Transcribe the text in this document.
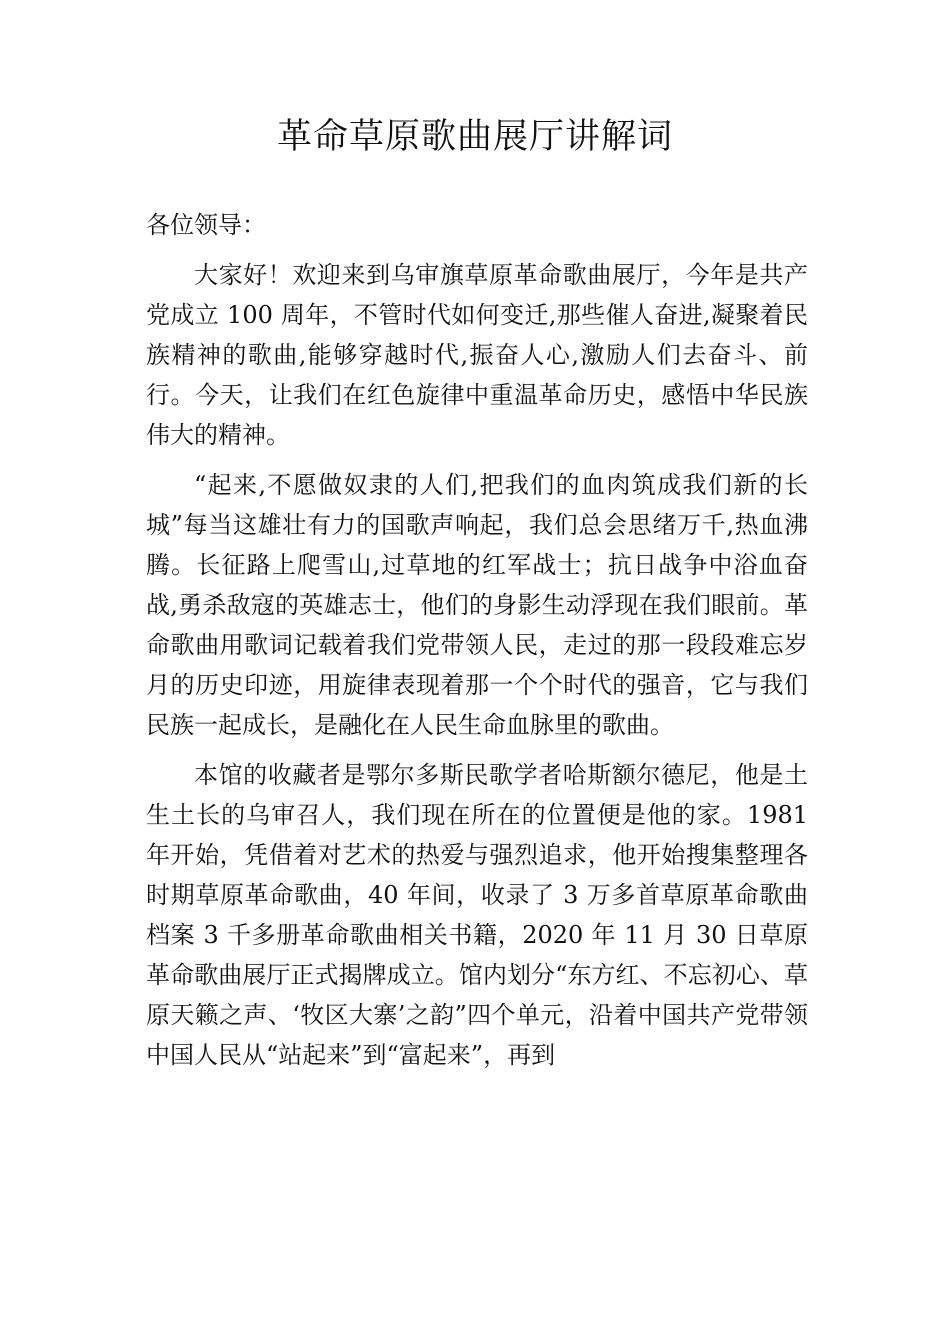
革命草原歌曲展厅讲解词

各位领导：

大家好！欢迎来到乌审旗草原革命歌曲展厅，今年是共产党成立 100 周年，不管时代如何变迁,那些催人奋进,凝聚着民族精神的歌曲,能够穿越时代,振奋人心,激励人们去奋斗、前行。今天，让我们在红色旋律中重温革命历史，感悟中华民族伟大的精神。

“起来,不愿做奴隶的人们,把我们的血肉筑成我们新的长城”每当这雄壮有力的国歌声响起，我们总会思绪万千,热血沸腾。长征路上爬雪山,过草地的红军战士；抗日战争中浴血奋战,勇杀敌寇的英雄志士，他们的身影生动浮现在我们眼前。革命歌曲用歌词记载着我们党带领人民，走过的那一段段难忘岁月的历史印迹，用旋律表现着那一个个时代的强音，它与我们民族一起成长，是融化在人民生命血脉里的歌曲。

本馆的收藏者是鄂尔多斯民歌学者哈斯额尔德尼，他是土生土长的乌审召人，我们现在所在的位置便是他的家。1981 年开始，凭借着对艺术的热爱与强烈追求，他开始搜集整理各时期草原革命歌曲，40 年间，收录了 3 万多首草原革命歌曲档案 3 千多册革命歌曲相关书籍，2020 年 11 月 30 日草原革命歌曲展厅正式揭牌成立。馆内划分“东方红、不忘初心、草原天籁之声、‘牧区大寨’之韵”四个单元，沿着中国共产党带领中国人民从“站起来”到“富起来”，再到
